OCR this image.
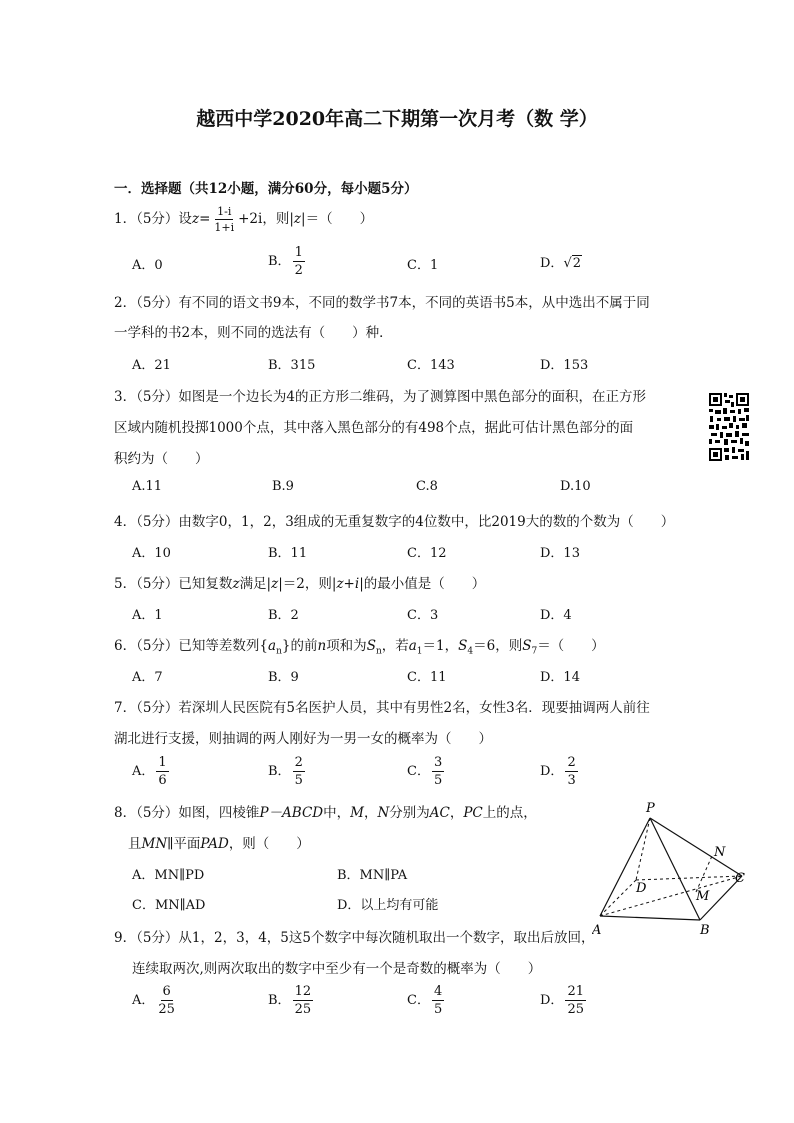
越西中学2020年高二下期第一次月考（数 学）
一．选择题（共12小题，满分60分，每小题5分）
1．（5分）设$z= \frac{1-i}{1+i} +2i$，则|z|＝（　　）
A．0	B． $\frac{1}{2}$	C．1	D．√2
2．（5分）有不同的语文书9本，不同的数学书7本，不同的英语书5本，从中选出不属于同
一学科的书2本，则不同的选法有（　　）种．
A．21	B．315	C．143	D．153
3．（5分）如图是一个边长为4的正方形二维码，为了测算图中黑色部分的面积，在正方形
区域内随机投掷1000个点，其中落入黑色部分的有498个点，据此可估计黑色部分的面
积约为（　　）
A.11	B.9	C.8	D.10
4．（5分）由数字0，1，2，3组成的无重复数字的4位数中，比2019大的数的个数为（　　）
A．10	B．11	C．12	D．13
5．（5分）已知复数z满足|z|＝2，则|z+i|的最小值是（　　）
A．1	B．2	C．3	D．4
6．（5分）已知等差数列$\{a_n\}$的前n项和为$S_n$，若$a_1=1$，$S_4=6$，则$S_7=$（　　）
A．7	B．9	C．11	D．14
7．（5分）若深圳人民医院有5名医护人员，其中有男性2名，女性3名．现要抽调两人前往
湖北进行支援，则抽调的两人刚好为一男一女的概率为（　　）
A． $\frac{1}{6}$	B． $\frac{2}{5}$	C． $\frac{3}{5}$	D． $\frac{2}{3}$
8．（5分）如图，四棱锥P－ABCD中，M，N分别为AC，PC上的点，
且MN∥平面PAD，则（　　）
A．MN∥PD	B．MN∥PA
C．MN∥AD	D．以上均有可能
P
N
C
D
M
A	B
9．（5分）从1，2，3，4，5这5个数字中每次随机取出一个数字，取出后放回，
连续取两次,则两次取出的数字中至少有一个是奇数的概率为（　　）
A． $\frac{6}{25}$	B． $\frac{12}{25}$	C． $\frac{4}{5}$	D． $\frac{21}{25}$
